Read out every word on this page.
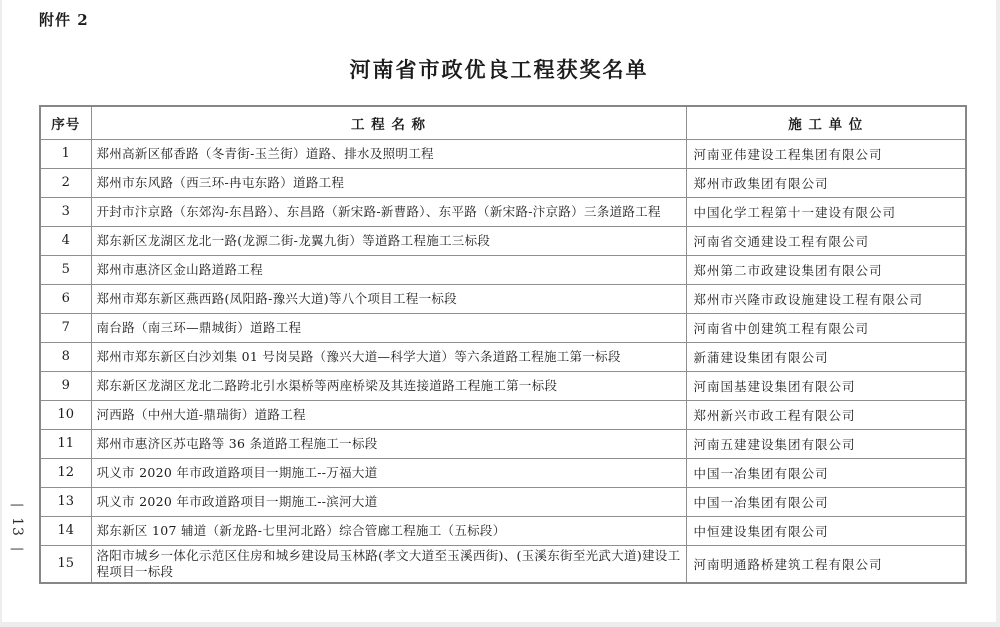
附件 2
河南省市政优良工程获奖名单
序号	工 程 名 称	施 工 单 位
1	郑州高新区郁香路（冬青街-玉兰街）道路、排水及照明工程	河南亚伟建设工程集团有限公司
2	郑州市东风路（西三环-冉屯东路）道路工程	郑州市政集团有限公司
3	开封市汴京路（东郊沟-东昌路）、东昌路（新宋路-新曹路）、东平路（新宋路-汴京路）三条道路工程	中国化学工程第十一建设有限公司
4	郑东新区龙湖区龙北一路(龙源二街-龙翼九街）等道路工程施工三标段	河南省交通建设工程有限公司
5	郑州市惠济区金山路道路工程	郑州第二市政建设集团有限公司
6	郑州市郑东新区燕西路(凤阳路-豫兴大道)等八个项目工程一标段	郑州市兴隆市政设施建设工程有限公司
7	南台路（南三环—鼎城街）道路工程	河南省中创建筑工程有限公司
8	郑州市郑东新区白沙刘集 01 号岗吴路（豫兴大道—科学大道）等六条道路工程施工第一标段	新蒲建设集团有限公司
9	郑东新区龙湖区龙北二路跨北引水渠桥等两座桥梁及其连接道路工程施工第一标段	河南国基建设集团有限公司
10	河西路（中州大道-鼎瑞街）道路工程	郑州新兴市政工程有限公司
11	郑州市惠济区苏屯路等 36 条道路工程施工一标段	河南五建建设集团有限公司
12	巩义市 2020 年市政道路项目一期施工--万福大道	中国一冶集团有限公司
13	巩义市 2020 年市政道路项目一期施工--滨河大道	中国一冶集团有限公司
14	郑东新区 107 辅道（新龙路-七里河北路）综合管廊工程施工（五标段）	中恒建设集团有限公司
15	洛阳市城乡一体化示范区住房和城乡建设局玉林路(孝文大道至玉溪西街)、(玉溪东街至光武大道)建设工程项目一标段	河南明通路桥建筑工程有限公司
—
13
—
